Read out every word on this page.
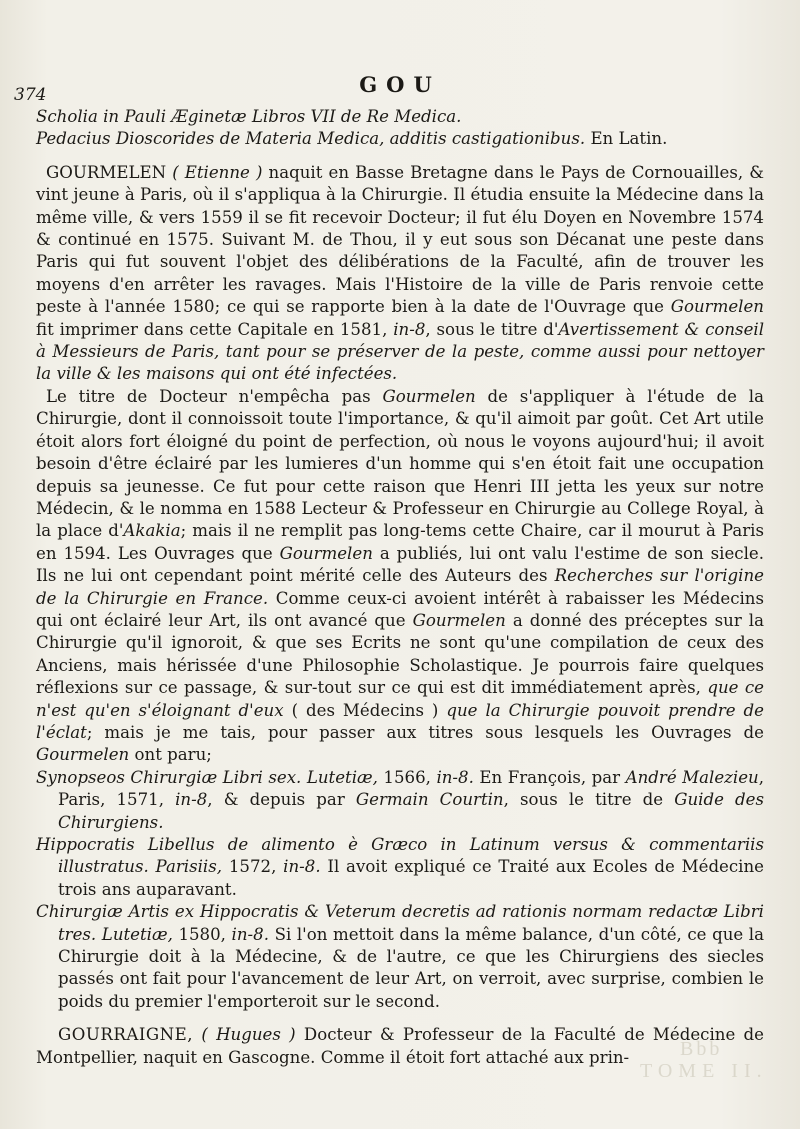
Bbb
TOME II.
374	GOU

Scholia in Pauli Æginetæ Libros VII de Re Medica.

Pedacius Dioscorides de Materia Medica, additis castigationibus. En Latin.

GOURMELEN ( Etienne ) naquit en Basse Bretagne dans le Pays de Cornouailles, & vint jeune à Paris, où il s'appliqua à la Chirurgie. Il étudia ensuite la Médecine dans la même ville, & vers 1559 il se fit recevoir Docteur; il fut élu Doyen en Novembre 1574 & continué en 1575. Suivant M. de Thou, il y eut sous son Décanat une peste dans Paris qui fut souvent l'objet des délibérations de la Faculté, afin de trouver les moyens d'en arrêter les ravages. Mais l'Histoire de la ville de Paris renvoie cette peste à l'année 1580; ce qui se rapporte bien à la date de l'Ouvrage que Gourmelen fit imprimer dans cette Capitale en 1581, in-8, sous le titre d'Avertissement & conseil à Messieurs de Paris, tant pour se préserver de la peste, comme aussi pour nettoyer la ville & les maisons qui ont été infectées.

Le titre de Docteur n'empêcha pas Gourmelen de s'appliquer à l'étude de la Chirurgie, dont il connoissoit toute l'importance, & qu'il aimoit par goût. Cet Art utile étoit alors fort éloigné du point de perfection, où nous le voyons aujourd'hui; il avoit besoin d'être éclairé par les lumieres d'un homme qui s'en étoit fait une occupation depuis sa jeunesse. Ce fut pour cette raison que Henri III jetta les yeux sur notre Médecin, & le nomma en 1588 Lecteur & Professeur en Chirurgie au College Royal, à la place d'Akakia; mais il ne remplit pas long-tems cette Chaire, car il mourut à Paris en 1594. Les Ouvrages que Gourmelen a publiés, lui ont valu l'estime de son siecle. Ils ne lui ont cependant point mérité celle des Auteurs des Recherches sur l'origine de la Chirurgie en France. Comme ceux-ci avoient intérêt à rabaisser les Médecins qui ont éclairé leur Art, ils ont avancé que Gourmelen a donné des préceptes sur la Chirurgie qu'il ignoroit, & que ses Ecrits ne sont qu'une compilation de ceux des Anciens, mais hérissée d'une Philosophie Scholastique. Je pourrois faire quelques réflexions sur ce passage, & sur-tout sur ce qui est dit immédiatement après, que ce n'est qu'en s'éloignant d'eux ( des Médecins ) que la Chirurgie pouvoit prendre de l'éclat; mais je me tais, pour passer aux titres sous lesquels les Ouvrages de Gourmelen ont paru;

Synopseos Chirurgiæ Libri sex. Lutetiæ, 1566, in-8. En François, par André Malezieu, Paris, 1571, in-8, & depuis par Germain Courtin, sous le titre de Guide des Chirurgiens.

Hippocratis Libellus de alimento è Græco in Latinum versus & commentariis illustratus. Parisiis, 1572, in-8. Il avoit expliqué ce Traité aux Ecoles de Médecine trois ans auparavant.

Chirurgiæ Artis ex Hippocratis & Veterum decretis ad rationis normam redactæ Libri tres. Lutetiæ, 1580, in-8. Si l'on mettoit dans la même balance, d'un côté, ce que la Chirurgie doit à la Médecine, & de l'autre, ce que les Chirurgiens des siecles passés ont fait pour l'avancement de leur Art, on verroit, avec surprise, combien le poids du premier l'emporteroit sur le second.

GOURRAIGNE, ( Hugues ) Docteur & Professeur de la Faculté de Médecine de Montpellier, naquit en Gascogne. Comme il étoit fort attaché aux prin-
